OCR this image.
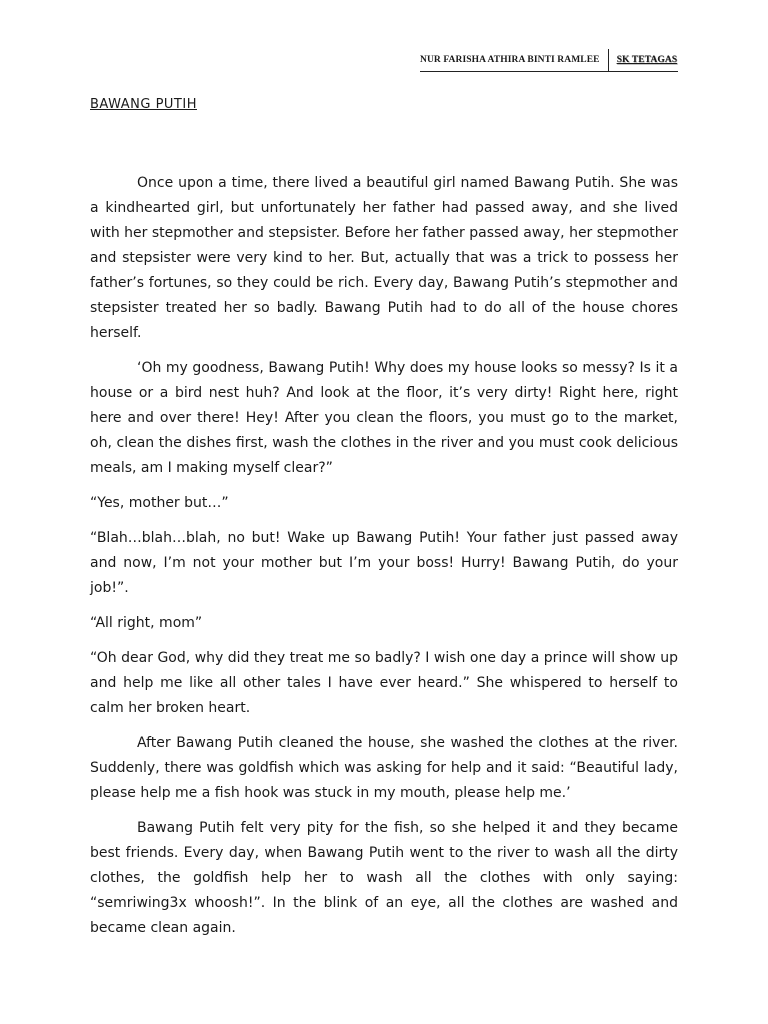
NUR FARISHA ATHIRA BINTI RAMLEE	SK TETAGAS
BAWANG PUTIH

Once upon a time, there lived a beautiful girl named Bawang Putih. She was a kindhearted girl, but unfortunately her father had passed away, and she lived with her stepmother and stepsister. Before her father passed away, her stepmother and stepsister were very kind to her. But, actually that was a trick to possess her father’s fortunes, so they could be rich. Every day, Bawang Putih’s stepmother and stepsister treated her so badly. Bawang Putih had to do all of the house chores herself.

‘Oh my goodness, Bawang Putih! Why does my house looks so messy? Is it a house or a bird nest huh? And look at the floor, it’s very dirty! Right here, right here and over there! Hey! After you clean the floors, you must go to the market, oh, clean the dishes first, wash the clothes in the river and you must cook delicious meals, am I making myself clear?”

“Yes, mother but…”

“Blah…blah…blah, no but! Wake up Bawang Putih! Your father just passed away and now, I’m not your mother but I’m your boss! Hurry! Bawang Putih, do your job!”.

“All right, mom”

“Oh dear God, why did they treat me so badly? I wish one day a prince will show up and help me like all other tales I have ever heard.” She whispered to herself to calm her broken heart.

After Bawang Putih cleaned the house, she washed the clothes at the river. Suddenly, there was goldfish which was asking for help and it said: “Beautiful lady, please help me a fish hook was stuck in my mouth, please help me.’

Bawang Putih felt very pity for the fish, so she helped it and they became best friends. Every day, when Bawang Putih went to the river to wash all the dirty clothes, the goldfish help her to wash all the clothes with only saying: “semriwing3x whoosh!”. In the blink of an eye, all the clothes are washed and became clean again.
